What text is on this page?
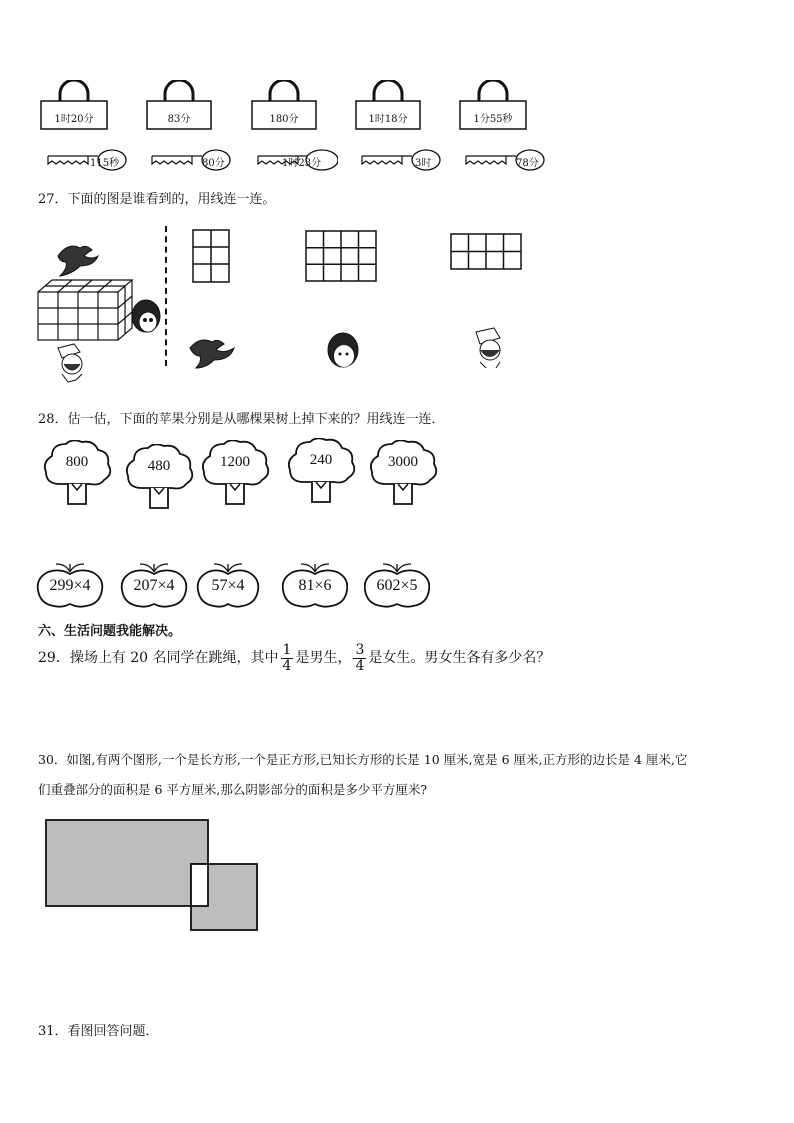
1时20分	83分	180分	1时18分	1分55秒
115秒	80分	1时23分	3时	78分
27．下面的图是谁看到的，用线连一连。
28．估一估，下面的苹果分别是从哪棵果树上掉下来的？用线连一连．
800	480	1200	240	3000
299×4	207×4	57×4	81×6	602×5
六、生活问题我能解决。
29．操场上有 20 名同学在跳绳，其中 $\frac{1}{4}$ 是男生， $\frac{3}{4}$ 是女生。男女生各有多少名？
30．如图,有两个图形,一个是长方形,一个是正方形,已知长方形的长是 10 厘米,宽是 6 厘米,正方形的边长是 4 厘米,它
们重叠部分的面积是 6 平方厘米,那么阴影部分的面积是多少平方厘米?
31．看图回答问题．
